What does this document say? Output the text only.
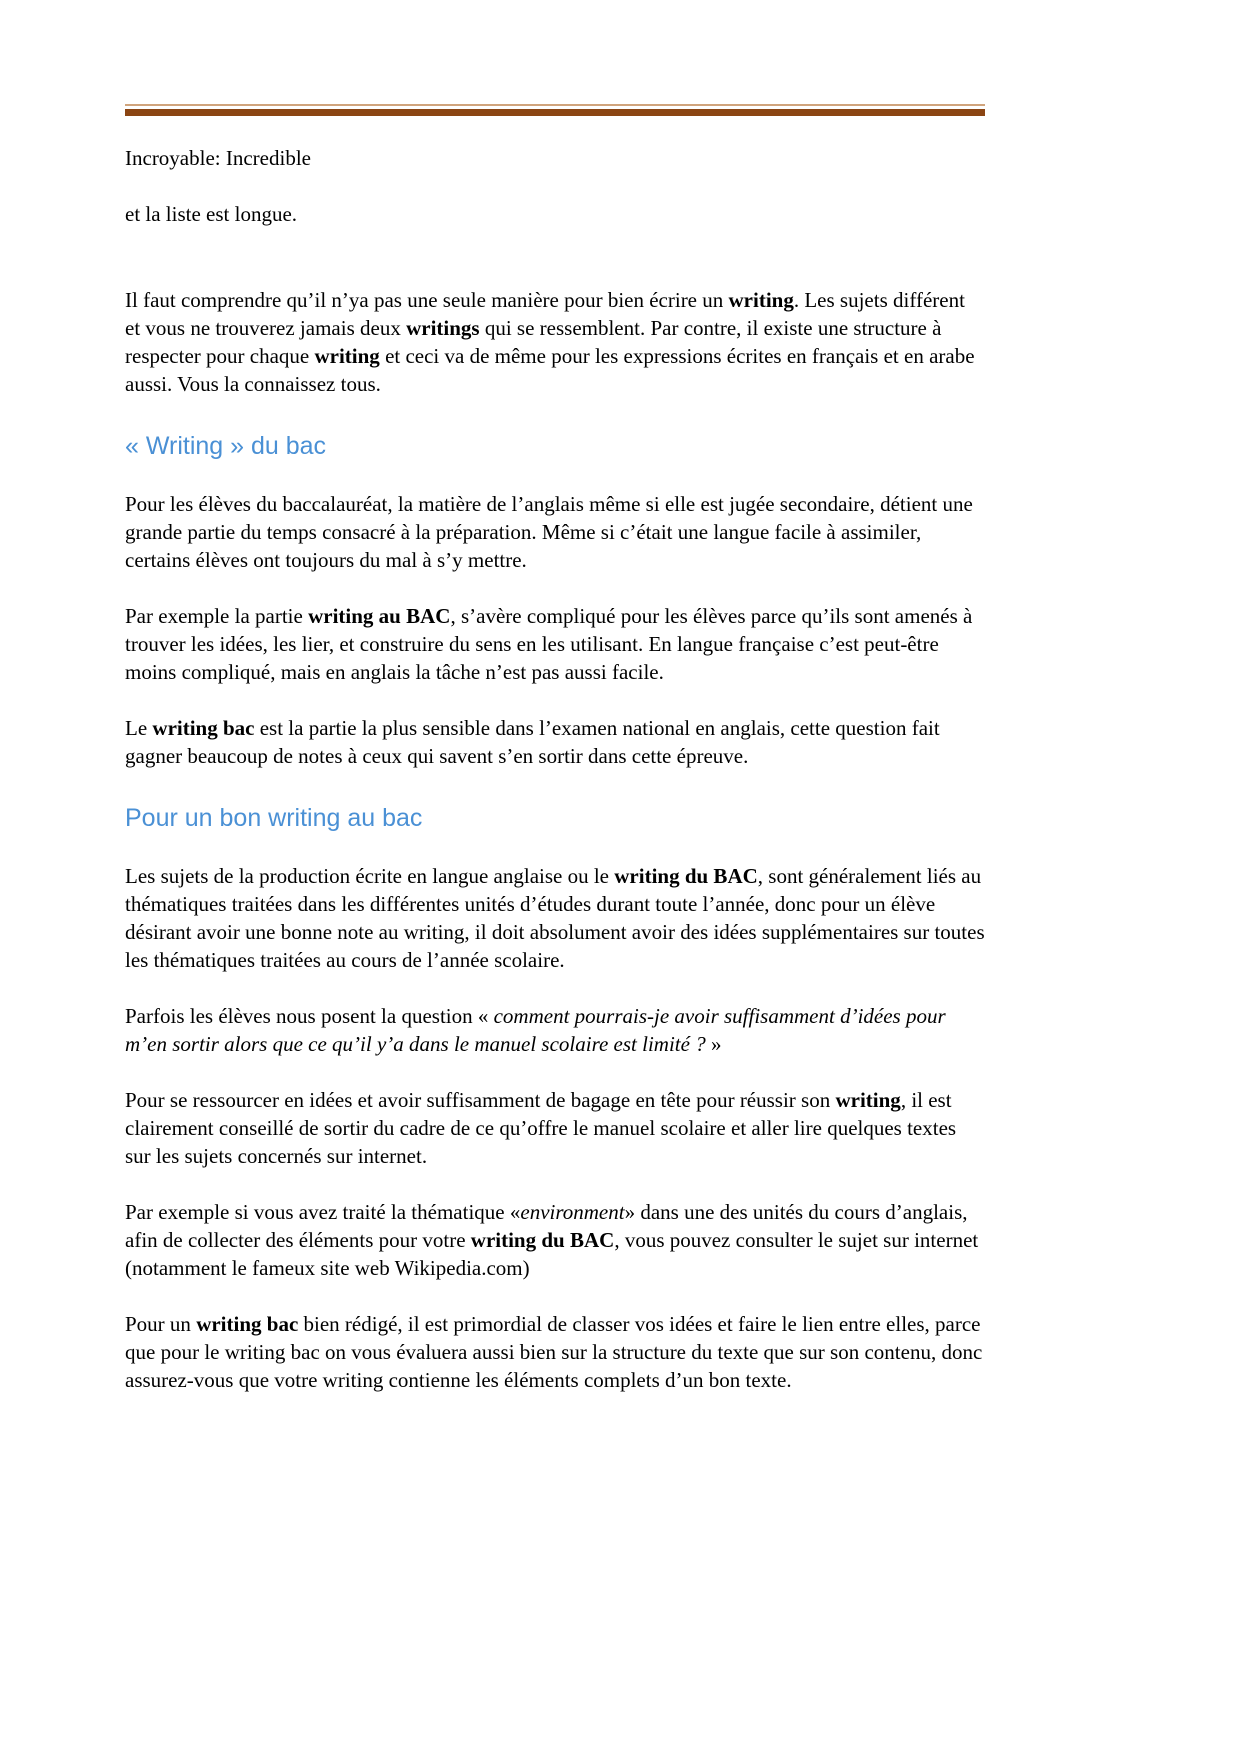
Incroyable: Incredible

et la liste est longue.

Il faut comprendre qu’il n’ya pas une seule manière pour bien écrire un writing. Les sujets différent et vous ne trouverez jamais deux writings qui se ressemblent. Par contre, il existe une structure à respecter pour chaque writing et ceci va de même pour les expressions écrites en français et en arabe aussi. Vous la connaissez tous.

« Writing » du bac

Pour les élèves du baccalauréat, la matière de l’anglais même si elle est jugée secondaire, détient une grande partie du temps consacré à la préparation. Même si c’était une langue facile à assimiler, certains élèves ont toujours du mal à s’y mettre.

Par exemple la partie writing au BAC, s’avère compliqué pour les élèves parce qu’ils sont amenés à trouver les idées, les lier, et construire du sens en les utilisant. En langue française c’est peut-être moins compliqué, mais en anglais la tâche n’est pas aussi facile.

Le writing bac est la partie la plus sensible dans l’examen national en anglais, cette question fait gagner beaucoup de notes à ceux qui savent s’en sortir dans cette épreuve.

Pour un bon writing au bac

Les sujets de la production écrite en langue anglaise ou le writing du BAC, sont généralement liés au thématiques traitées dans les différentes unités d’études durant toute l’année, donc pour un élève désirant avoir une bonne note au writing, il doit absolument avoir des idées supplémentaires sur toutes les thématiques traitées au cours de l’année scolaire.

Parfois les élèves nous posent la question « comment pourrais-je avoir suffisamment d’idées pour m’en sortir alors que ce qu’il y’a dans le manuel scolaire est limité ? »

Pour se ressourcer en idées et avoir suffisamment de bagage en tête pour réussir son writing, il est clairement conseillé de sortir du cadre de ce qu’offre le manuel scolaire et aller lire quelques textes sur les sujets concernés sur internet.

Par exemple si vous avez traité la thématique «environment» dans une des unités du cours d’anglais, afin de collecter des éléments pour votre writing du BAC, vous pouvez consulter le sujet sur internet (notamment le fameux site web Wikipedia.com)

Pour un writing bac bien rédigé, il est primordial de classer vos idées et faire le lien entre elles, parce que pour le writing bac on vous évaluera aussi bien sur la structure du texte que sur son contenu, donc assurez-vous que votre writing contienne les éléments complets d’un bon texte.
